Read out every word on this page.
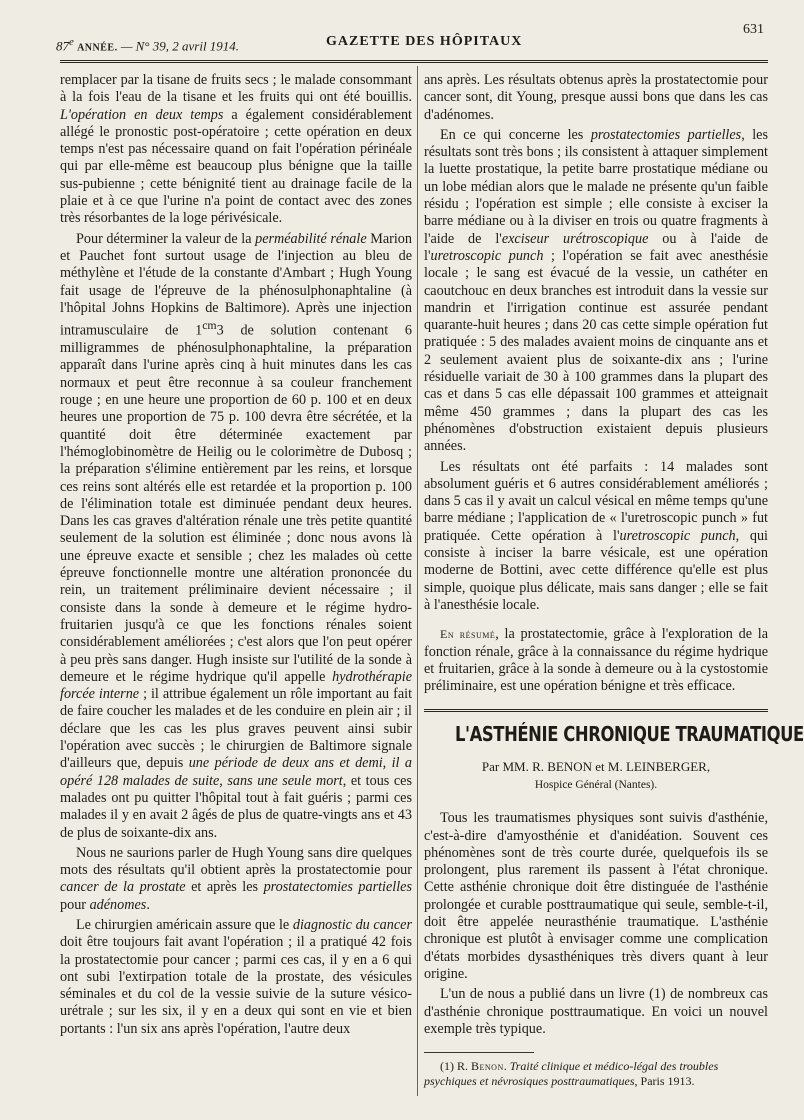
87e ANNÉE. — N° 39, 2 avril 1914.	GAZETTE DES HÔPITAUX
631

remplacer par la tisane de fruits secs ; le malade consommant à la fois l'eau de la tisane et les fruits qui ont été bouillis. L'opération en deux temps a également considérablement allégé le pronostic post-opératoire ; cette opération en deux temps n'est pas nécessaire quand on fait l'opération périnéale qui par elle-même est beaucoup plus bénigne que la taille sus-pubienne ; cette bénignité tient au drainage facile de la plaie et à ce que l'urine n'a point de contact avec des zones très résorbantes de la loge périvésicale.

Pour déterminer la valeur de la perméabilité rénale Marion et Pauchet font surtout usage de l'injection au bleu de méthylène et l'étude de la constante d'Ambart ; Hugh Young fait usage de l'épreuve de la phénosulphonaphtaline (à l'hôpital Johns Hopkins de Baltimore). Après une injection intramusculaire de $1^{cm}3$ de solution contenant 6 milligrammes de phénosulphonaphtaline, la préparation apparaît dans l'urine après cinq à huit minutes dans les cas normaux et peut être reconnue à sa couleur franchement rouge ; en une heure une proportion de 60 p. 100 et en deux heures une proportion de 75 p. 100 devra être sécrétée, et la quantité doit être déterminée exactement par l'hémoglobinomètre de Heilig ou le colorimètre de Dubosq ; la préparation s'élimine entièrement par les reins, et lorsque ces reins sont altérés elle est retardée et la proportion p. 100 de l'élimination totale est diminuée pendant deux heures. Dans les cas graves d'altération rénale une très petite quantité seulement de la solution est éliminée ; donc nous avons là une épreuve exacte et sensible ; chez les malades où cette épreuve fonctionnelle montre une altération prononcée du rein, un traitement préliminaire devient nécessaire ; il consiste dans la sonde à demeure et le régime hydro-fruitarien jusqu'à ce que les fonctions rénales soient considérablement améliorées ; c'est alors que l'on peut opérer à peu près sans danger. Hugh insiste sur l'utilité de la sonde à demeure et le régime hydrique qu'il appelle hydrothérapie forcée interne ; il attribue également un rôle important au fait de faire coucher les malades et de les conduire en plein air ; il déclare que les cas les plus graves peuvent ainsi subir l'opération avec succès ; le chirurgien de Baltimore signale d'ailleurs que, depuis une période de deux ans et demi, il a opéré 128 malades de suite, sans une seule mort, et tous ces malades ont pu quitter l'hôpital tout à fait guéris ; parmi ces malades il y en avait 2 âgés de plus de quatre-vingts ans et 43 de plus de soixante-dix ans.

Nous ne saurions parler de Hugh Young sans dire quelques mots des résultats qu'il obtient après la prostatectomie pour cancer de la prostate et après les prostatectomies partielles pour adénomes.

Le chirurgien américain assure que le diagnostic du cancer doit être toujours fait avant l'opération ; il a pratiqué 42 fois la prostatectomie pour cancer ; parmi ces cas, il y en a 6 qui ont subi l'extirpation totale de la prostate, des vésicules séminales et du col de la vessie suivie de la suture vésico-urétrale ; sur les six, il y en a deux qui sont en vie et bien portants : l'un six ans après l'opération, l'autre deux

ans après. Les résultats obtenus après la prostatectomie pour cancer sont, dit Young, presque aussi bons que dans les cas d'adénomes.

En ce qui concerne les prostatectomies partielles, les résultats sont très bons ; ils consistent à attaquer simplement la luette prostatique, la petite barre prostatique médiane ou un lobe médian alors que le malade ne présente qu'un faible résidu ; l'opération est simple ; elle consiste à exciser la barre médiane ou à la diviser en trois ou quatre fragments à l'aide de l'exciseur urétroscopique ou à l'aide de l'uretroscopic punch ; l'opération se fait avec anesthésie locale ; le sang est évacué de la vessie, un cathéter en caoutchouc en deux branches est introduit dans la vessie sur mandrin et l'irrigation continue est assurée pendant quarante-huit heures ; dans 20 cas cette simple opération fut pratiquée : 5 des malades avaient moins de cinquante ans et 2 seulement avaient plus de soixante-dix ans ; l'urine résiduelle variait de 30 à 100 grammes dans la plupart des cas et dans 5 cas elle dépassait 100 grammes et atteignait même 450 grammes ; dans la plupart des cas les phénomènes d'obstruction existaient depuis plusieurs années.

Les résultats ont été parfaits : 14 malades sont absolument guéris et 6 autres considérablement améliorés ; dans 5 cas il y avait un calcul vésical en même temps qu'une barre médiane ; l'application de « l'uretroscopic punch » fut pratiquée. Cette opération à l'uretroscopic punch, qui consiste à inciser la barre vésicale, est une opération moderne de Bottini, avec cette différence qu'elle est plus simple, quoique plus délicate, mais sans danger ; elle se fait à l'anesthésie locale.

En résumé, la prostatectomie, grâce à l'exploration de la fonction rénale, grâce à la connaissance du régime hydrique et fruitarien, grâce à la sonde à demeure ou à la cystostomie préliminaire, est une opération bénigne et très efficace.

L'ASTHÉNIE CHRONIQUE TRAUMATIQUE
Par MM. R. BENON et M. LEINBERGER,
Hospice Général (Nantes).

Tous les traumatismes physiques sont suivis d'asthénie, c'est-à-dire d'amyosthénie et d'anidéation. Souvent ces phénomènes sont de très courte durée, quelquefois ils se prolongent, plus rarement ils passent à l'état chronique. Cette asthénie chronique doit être distinguée de l'asthénie prolongée et curable posttraumatique qui seule, semble-t-il, doit être appelée neurasthénie traumatique. L'asthénie chronique est plutôt à envisager comme une complication d'états morbides dysasthéniques très divers quant à leur origine.

L'un de nous a publié dans un livre (1) de nombreux cas d'asthénie chronique posttraumatique. En voici un nouvel exemple très typique.

(1) R. Benon. Traité clinique et médico-légal des troubles psychiques et névrosiques posttraumatiques, Paris 1913.
